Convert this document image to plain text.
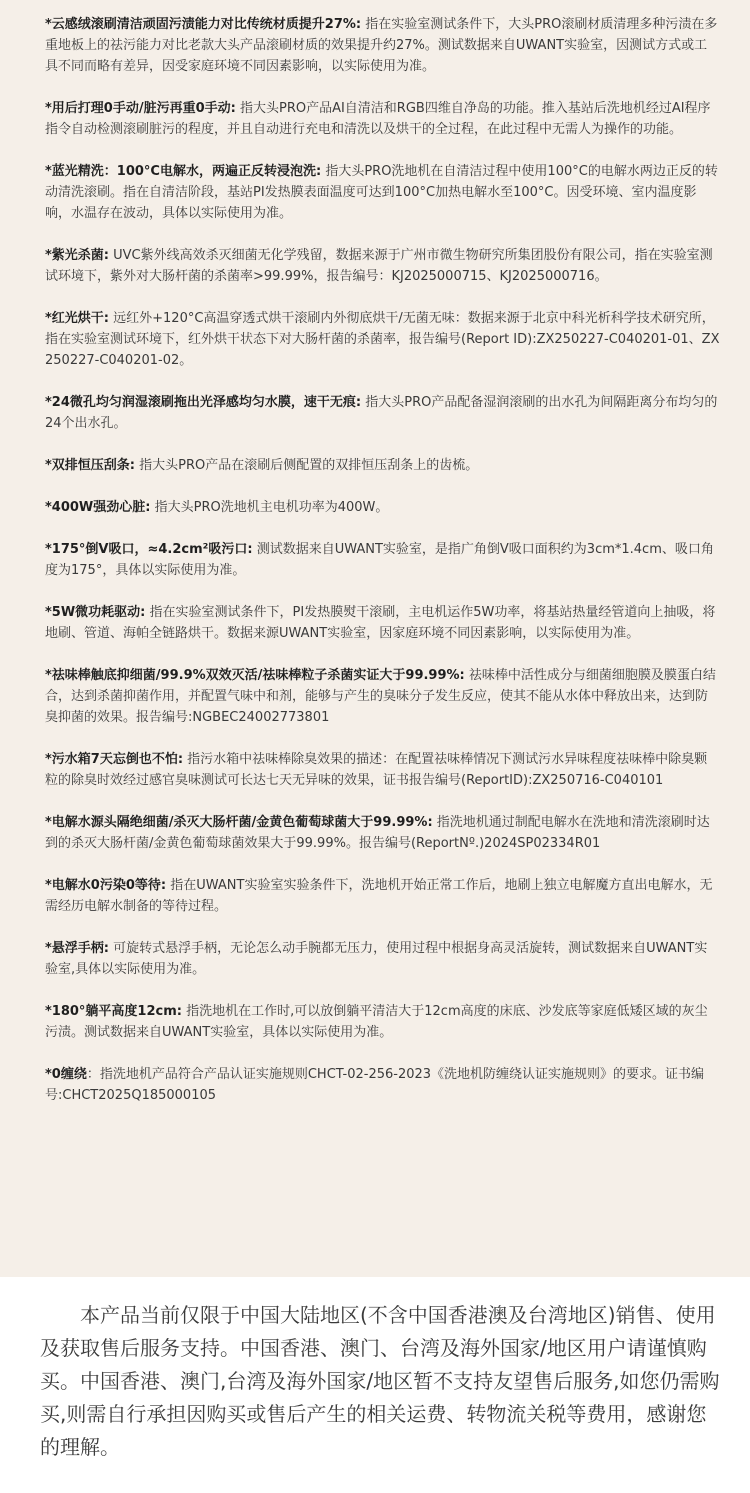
*云感绒滚刷清洁顽固污渍能力对比传统材质提升27%: 指在实验室测试条件下，大头PRO滚刷材质清理多种污渍在多重地板上的祛污能力对比老款大头产品滚刷材质的效果提升约27%。测试数据来自UWANT实验室，因测试方式或工具不同而略有差异，因受家庭环境不同因素影响，以实际使用为准。

*用后打理0手动/脏污再重0手动: 指大头PRO产品AI自清洁和RGB四维自净岛的功能。推入基站后洗地机经过AI程序指令自动检测滚刷脏污的程度，并且自动进行充电和清洗以及烘干的全过程，在此过程中无需人为操作的功能。

*蓝光精洗：100°C电解水，两遍正反转浸泡洗: 指大头PRO洗地机在自清洁过程中使用100°C的电解水两边正反的转动清洗滚刷。指在自清洁阶段，基站PI发热膜表面温度可达到100°C加热电解水至100°C。因受环境、室内温度影响，水温存在波动，具体以实际使用为准。

*紫光杀菌: UVC紫外线高效杀灭细菌无化学残留，数据来源于广州市微生物研究所集团股份有限公司，指在实验室测试环境下，紫外对大肠杆菌的杀菌率>99.99%，报告编号：KJ2025000715、KJ2025000716。

*红光烘干: 远红外+120°C高温穿透式烘干滚刷内外彻底烘干/无菌无味：数据来源于北京中科光析科学技术研究所，指在实验室测试环境下，红外烘干状态下对大肠杆菌的杀菌率，报告编号(Report ID):ZX250227-C040201-01、ZX250227-C040201-02。

*24微孔均匀润湿滚刷拖出光泽感均匀水膜，速干无痕: 指大头PRO产品配备湿润滚刷的出水孔为间隔距离分布均匀的24个出水孔。

*双排恒压刮条: 指大头PRO产品在滚刷后侧配置的双排恒压刮条上的齿梳。

*400W强劲心脏: 指大头PRO洗地机主电机功率为400W。

*175°倒V吸口，≈4.2cm²吸污口: 测试数据来自UWANT实验室，是指广角倒V吸口面积约为3cm*1.4cm、吸口角度为175°，具体以实际使用为准。

*5W微功耗驱动: 指在实验室测试条件下，PI发热膜熨干滚刷，主电机运作5W功率，将基站热量经管道向上抽吸，将地刷、管道、海帕全链路烘干。数据来源UWANT实验室，因家庭环境不同因素影响，以实际使用为准。

*祛味棒触底抑细菌/99.9%双效灭活/祛味棒粒子杀菌实证大于99.99%: 祛味棒中活性成分与细菌细胞膜及膜蛋白结合，达到杀菌抑菌作用，并配置气味中和剂，能够与产生的臭味分子发生反应，使其不能从水体中释放出来，达到防臭抑菌的效果。报告编号:NGBEC24002773801

*污水箱7天忘倒也不怕: 指污水箱中祛味棒除臭效果的描述：在配置祛味棒情况下测试污水异味程度祛味棒中除臭颗粒的除臭时效经过感官臭味测试可长达七天无异味的效果，证书报告编号(ReportID):ZX250716-C040101

*电解水源头隔绝细菌/杀灭大肠杆菌/金黄色葡萄球菌大于99.99%: 指洗地机通过制配电解水在洗地和清洗滚刷时达到的杀灭大肠杆菌/金黄色葡萄球菌效果大于99.99%。报告编号(ReportNº.)2024SP02334R01

*电解水0污染0等待: 指在UWANT实验室实验条件下，洗地机开始正常工作后，地刷上独立电解魔方直出电解水，无需经历电解水制备的等待过程。

*悬浮手柄: 可旋转式悬浮手柄，无论怎么动手腕都无压力，使用过程中根据身高灵活旋转，测试数据来自UWANT实验室,具体以实际使用为准。

*180°躺平高度12cm: 指洗地机在工作时,可以放倒躺平清洁大于12cm高度的床底、沙发底等家庭低矮区域的灰尘污渍。测试数据来自UWANT实验室，具体以实际使用为准。

*0缠绕：指洗地机产品符合产品认证实施规则CHCT-02-256-2023《洗地机防缠绕认证实施规则》的要求。证书编号:CHCT2025Q185000105

本产品当前仅限于中国大陆地区(不含中国香港澳及台湾地区)销售、使用及获取售后服务支持。中国香港、澳门、台湾及海外国家/地区用户请谨慎购买。中国香港、澳门,台湾及海外国家/地区暂不支持友望售后服务,如您仍需购买,则需自行承担因购买或售后产生的相关运费、转物流关税等费用，感谢您的理解。
